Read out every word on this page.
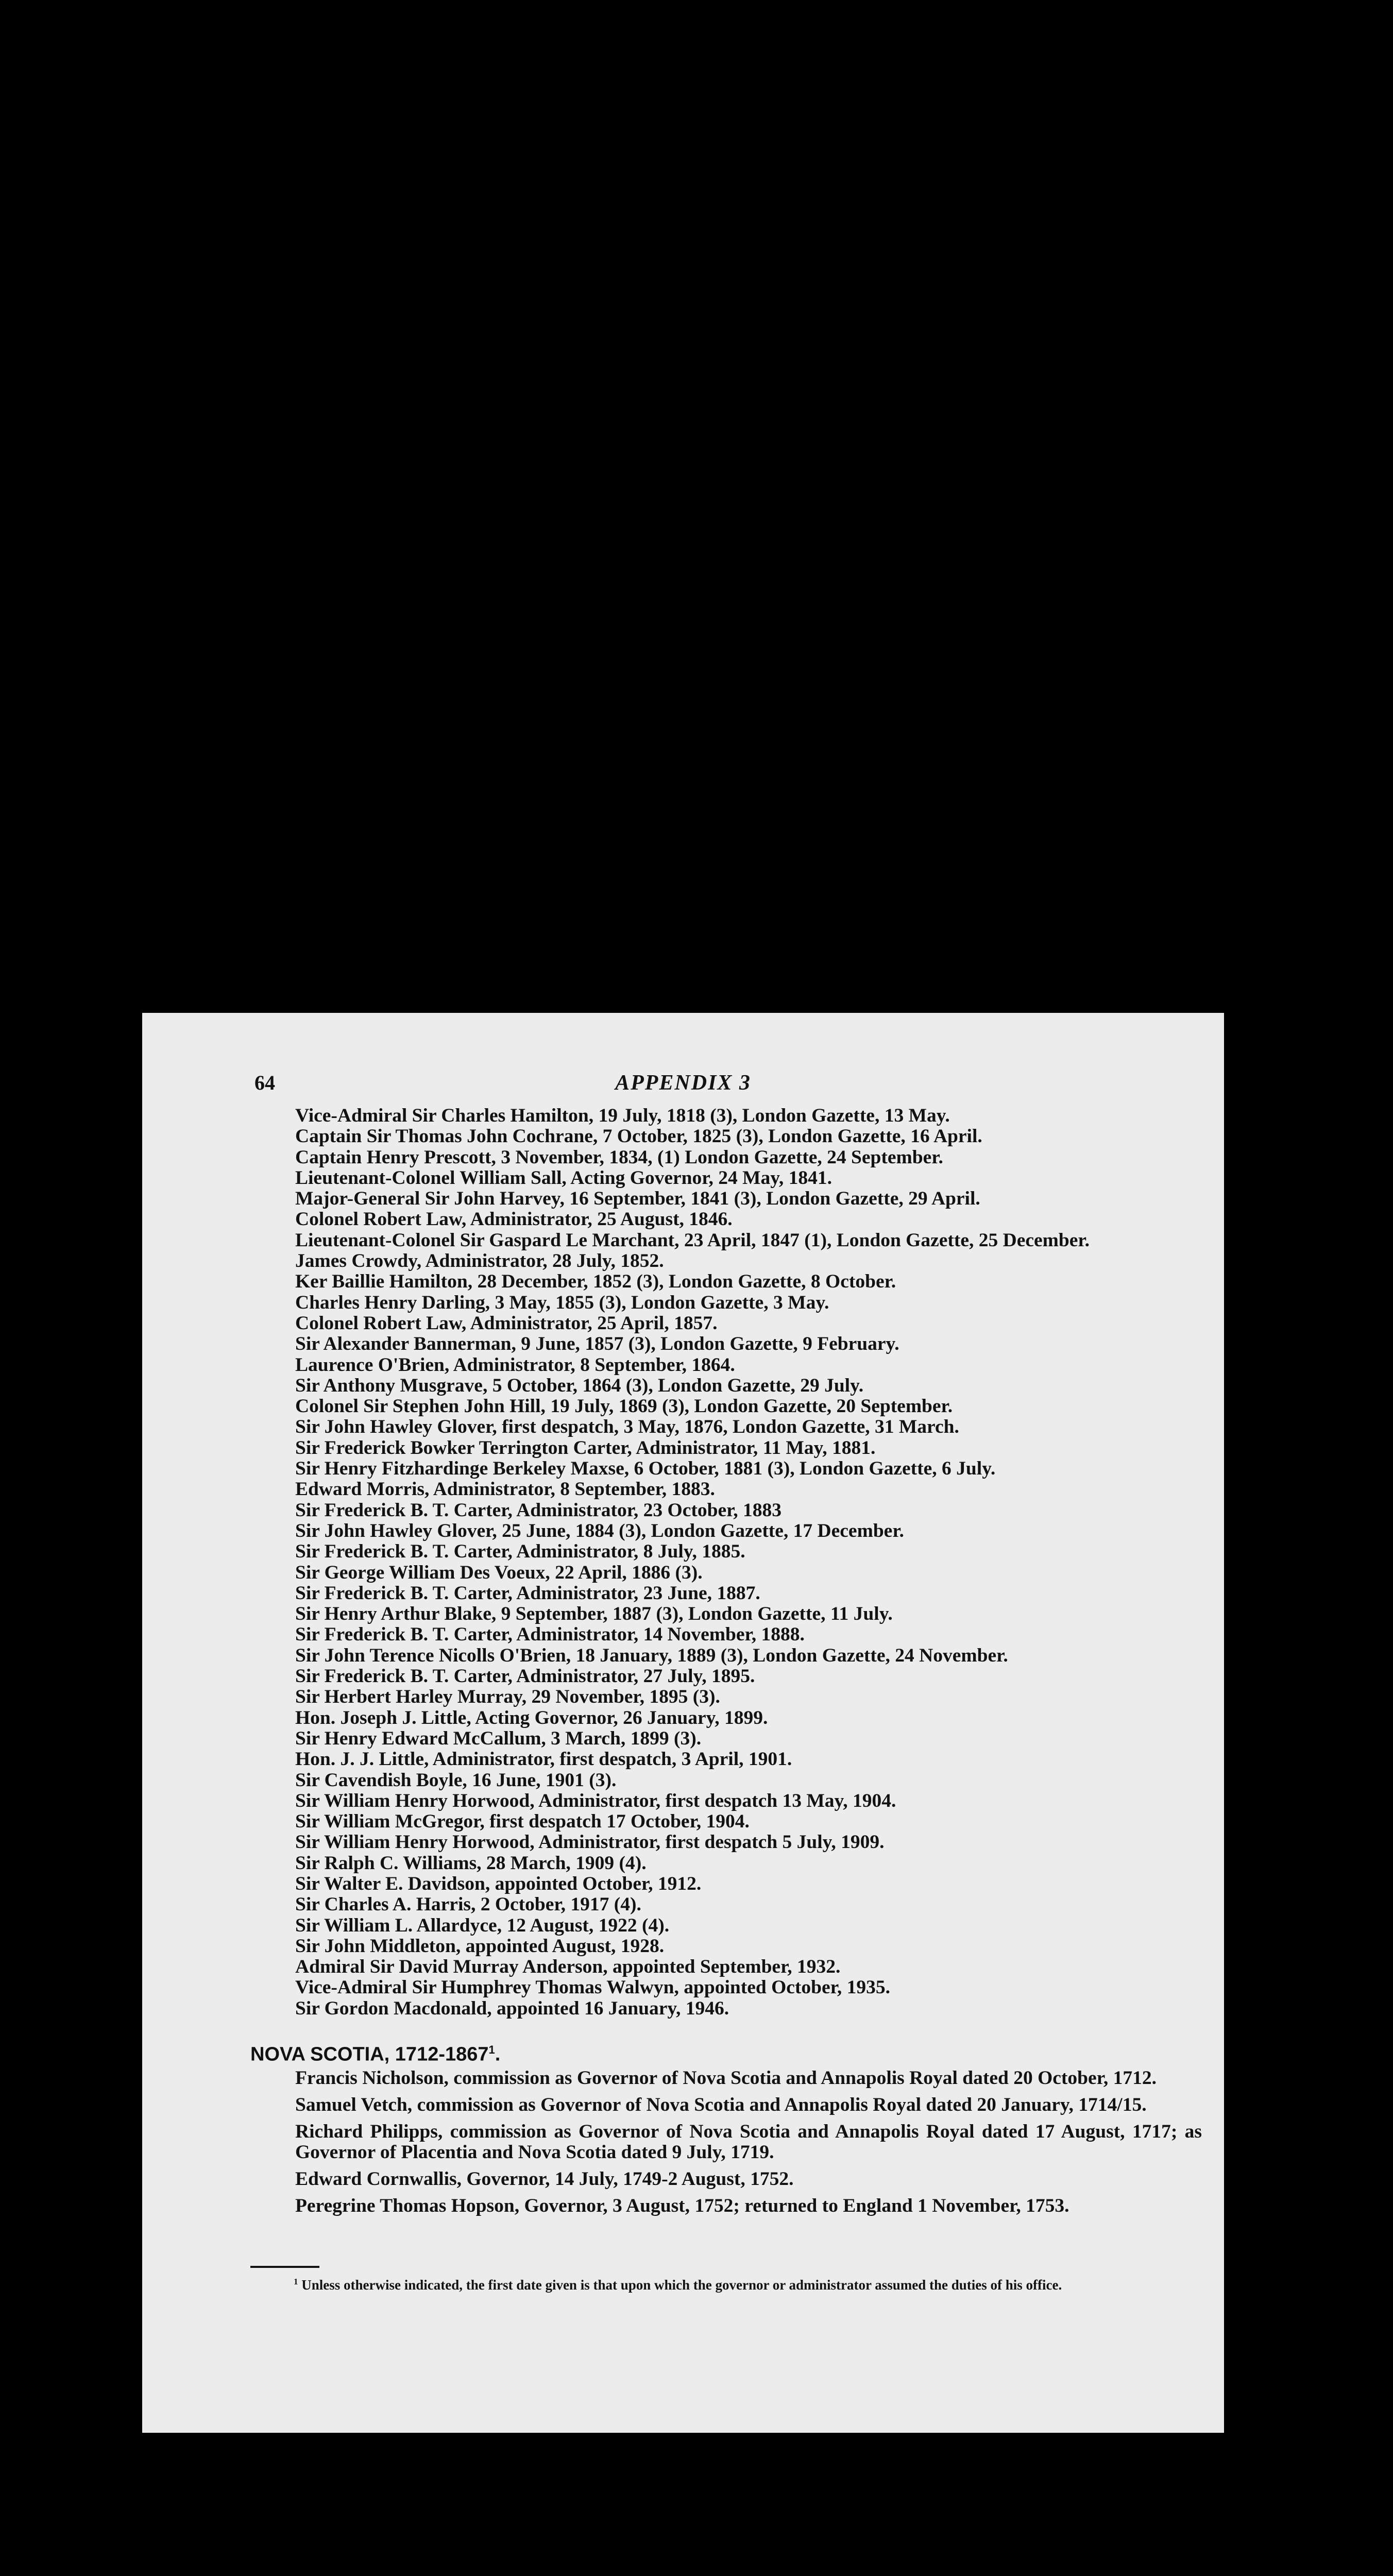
64	APPENDIX 3
Vice-Admiral Sir Charles Hamilton, 19 July, 1818 (3), London Gazette, 13 May.
Captain Sir Thomas John Cochrane, 7 October, 1825 (3), London Gazette, 16 April.
Captain Henry Prescott, 3 November, 1834, (1) London Gazette, 24 September.
Lieutenant-Colonel William Sall, Acting Governor, 24 May, 1841.
Major-General Sir John Harvey, 16 September, 1841 (3), London Gazette, 29 April.
Colonel Robert Law, Administrator, 25 August, 1846.
Lieutenant-Colonel Sir Gaspard Le Marchant, 23 April, 1847 (1), London Gazette, 25 December.
James Crowdy, Administrator, 28 July, 1852.
Ker Baillie Hamilton, 28 December, 1852 (3), London Gazette, 8 October.
Charles Henry Darling, 3 May, 1855 (3), London Gazette, 3 May.
Colonel Robert Law, Administrator, 25 April, 1857.
Sir Alexander Bannerman, 9 June, 1857 (3), London Gazette, 9 February.
Laurence O'Brien, Administrator, 8 September, 1864.
Sir Anthony Musgrave, 5 October, 1864 (3), London Gazette, 29 July.
Colonel Sir Stephen John Hill, 19 July, 1869 (3), London Gazette, 20 September.
Sir John Hawley Glover, first despatch, 3 May, 1876, London Gazette, 31 March.
Sir Frederick Bowker Terrington Carter, Administrator, 11 May, 1881.
Sir Henry Fitzhardinge Berkeley Maxse, 6 October, 1881 (3), London Gazette, 6 July.
Edward Morris, Administrator, 8 September, 1883.
Sir Frederick B. T. Carter, Administrator, 23 October, 1883
Sir John Hawley Glover, 25 June, 1884 (3), London Gazette, 17 December.
Sir Frederick B. T. Carter, Administrator, 8 July, 1885.
Sir George William Des Voeux, 22 April, 1886 (3).
Sir Frederick B. T. Carter, Administrator, 23 June, 1887.
Sir Henry Arthur Blake, 9 September, 1887 (3), London Gazette, 11 July.
Sir Frederick B. T. Carter, Administrator, 14 November, 1888.
Sir John Terence Nicolls O'Brien, 18 January, 1889 (3), London Gazette, 24 November.
Sir Frederick B. T. Carter, Administrator, 27 July, 1895.
Sir Herbert Harley Murray, 29 November, 1895 (3).
Hon. Joseph J. Little, Acting Governor, 26 January, 1899.
Sir Henry Edward McCallum, 3 March, 1899 (3).
Hon. J. J. Little, Administrator, first despatch, 3 April, 1901.
Sir Cavendish Boyle, 16 June, 1901 (3).
Sir William Henry Horwood, Administrator, first despatch 13 May, 1904.
Sir William McGregor, first despatch 17 October, 1904.
Sir William Henry Horwood, Administrator, first despatch 5 July, 1909.
Sir Ralph C. Williams, 28 March, 1909 (4).
Sir Walter E. Davidson, appointed October, 1912.
Sir Charles A. Harris, 2 October, 1917 (4).
Sir William L. Allardyce, 12 August, 1922 (4).
Sir John Middleton, appointed August, 1928.
Admiral Sir David Murray Anderson, appointed September, 1932.
Vice-Admiral Sir Humphrey Thomas Walwyn, appointed October, 1935.
Sir Gordon Macdonald, appointed 16 January, 1946.
NOVA SCOTIA, 1712-1867$^1$.
Francis Nicholson, commission as Governor of Nova Scotia and Annapolis Royal dated 20 October, 1712.
Samuel Vetch, commission as Governor of Nova Scotia and Annapolis Royal dated 20 January, 1714/15.
Richard Philipps, commission as Governor of Nova Scotia and Annapolis Royal dated 17 August, 1717; as Governor of Placentia and Nova Scotia dated 9 July, 1719.
Edward Cornwallis, Governor, 14 July, 1749-2 August, 1752.
Peregrine Thomas Hopson, Governor, 3 August, 1752; returned to England 1 November, 1753.
$^1$ Unless otherwise indicated, the first date given is that upon which the governor or administrator assumed the duties of his office.
